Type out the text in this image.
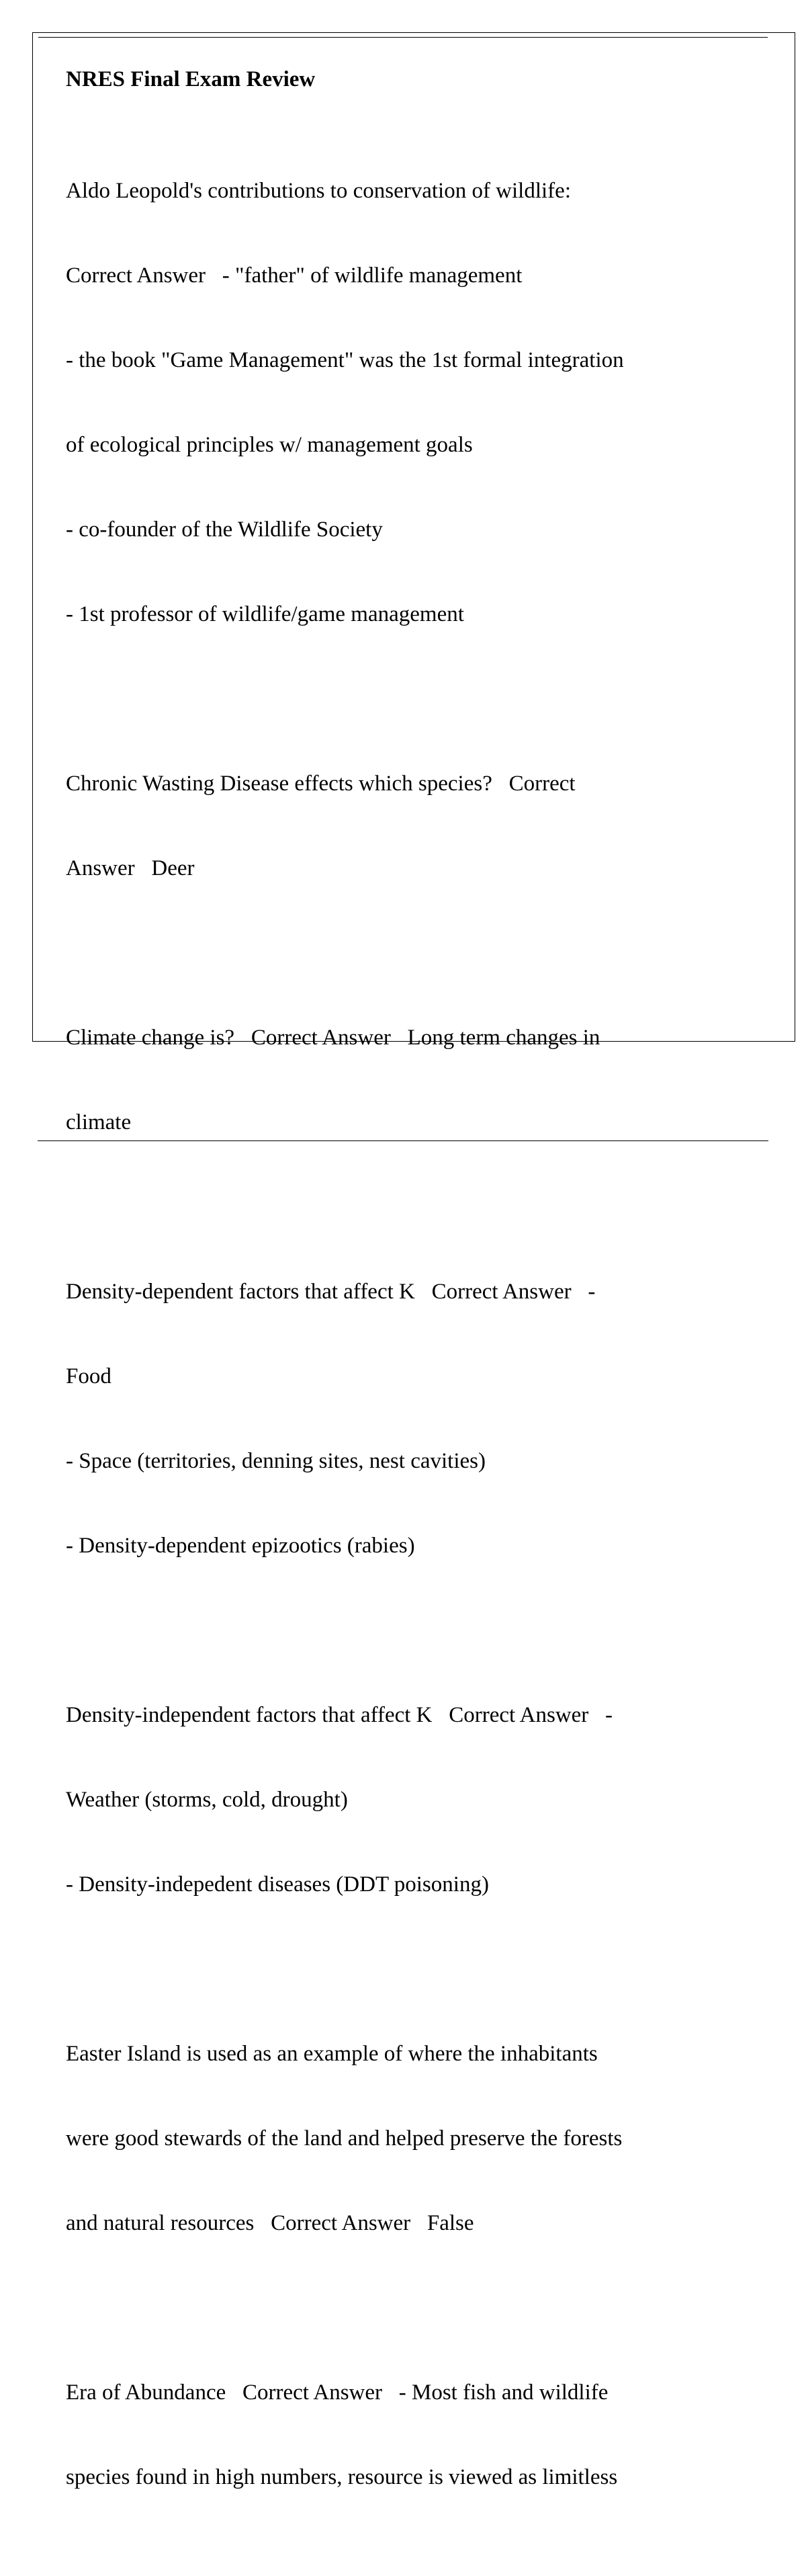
NRES Final Exam Review

Aldo Leopold's contributions to conservation of wildlife:

Correct Answer   - "father" of wildlife management

- the book "Game Management" was the 1st formal integration

of ecological principles w/ management goals

- co-founder of the Wildlife Society

- 1st professor of wildlife/game management

Chronic Wasting Disease effects which species?   Correct

Answer   Deer

Climate change is?   Correct Answer   Long term changes in

climate

Density-dependent factors that affect K   Correct Answer   -

Food

- Space (territories, denning sites, nest cavities)

- Density-dependent epizootics (rabies)

Density-independent factors that affect K   Correct Answer   -

Weather (storms, cold, drought)

- Density-indepedent diseases (DDT poisoning)

Easter Island is used as an example of where the inhabitants

were good stewards of the land and helped preserve the forests

and natural resources   Correct Answer   False

Era of Abundance   Correct Answer   - Most fish and wildlife

species found in high numbers, resource is viewed as limitless
